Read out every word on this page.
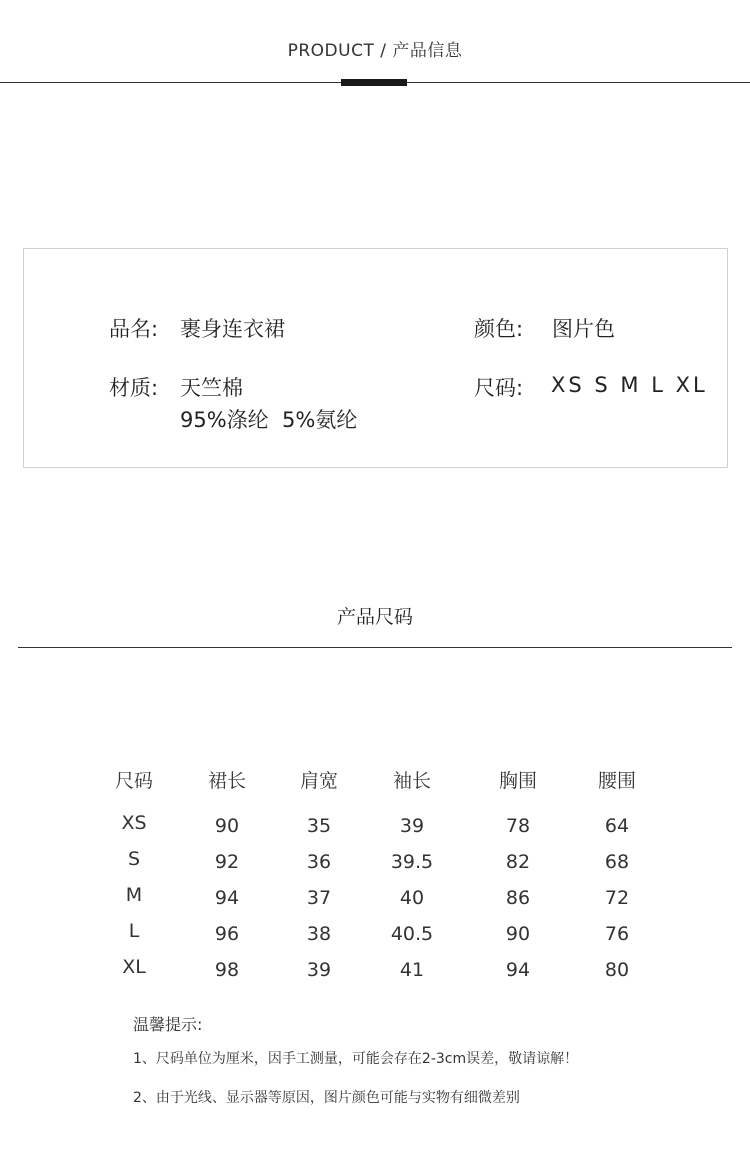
PRODUCT / 产品信息
品名: 裹身连衣裙	颜色: 图片色
材质: 天竺棉
95%涤纶  5%氨纶
尺码: XS S M L XL
产品尺码
尺码	裙长	肩宽	袖长	胸围	腰围
XS	90	35	39	78	64
S	92	36	39.5	82	68
M	94	37	40	86	72
L	96	38	40.5	90	76
XL	98	39	41	94	80
温馨提示:
1、尺码单位为厘米，因手工测量，可能会存在2-3cm误差，敬请谅解！
2、由于光线、显示器等原因，图片颜色可能与实物有细微差别
